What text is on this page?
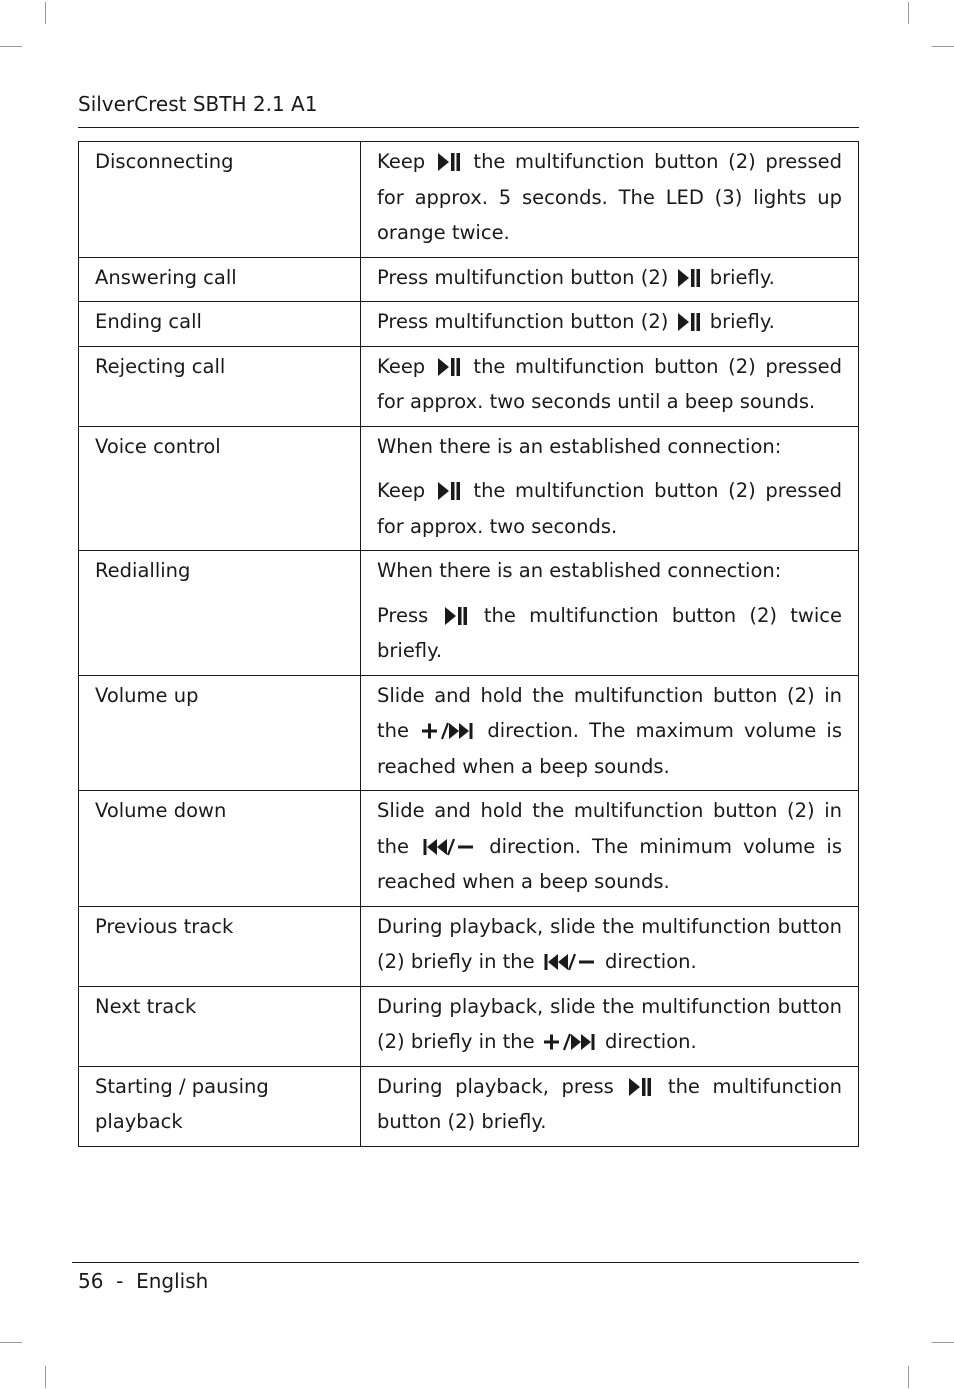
SilverCrest SBTH 2.1 A1
Disconnecting	Keep
the multifunction button (2) pressed for approx. 5 seconds. The LED (3) lights up orange twice.

Answering call	Press multifunction button (2)
briefly.

Ending call	Press multifunction button (2)
briefly.

Rejecting call	Keep
the multifunction button (2) pressed for approx. two seconds until a beep sounds.

Voice control	When there is an established connection:
Keep
the multifunction button (2) pressed for approx. two seconds.

Redialling	When there is an established connection:
Press
the multifunction button (2) twice briefly.

Volume up	Slide and hold the multifunction button (2) in the direction. The maximum volume is reached when a beep sounds.

Volume down	Slide and hold the multifunction button (2) in the direction. The minimum volume is reached when a beep sounds.

Previous track	During playback, slide the multifunction button (2) briefly in the direction.

Next track	During playback, slide the multifunction button (2) briefly in the direction.

Starting / pausing playback	During playback, press
the multifunction button (2) briefly.
56 - English
